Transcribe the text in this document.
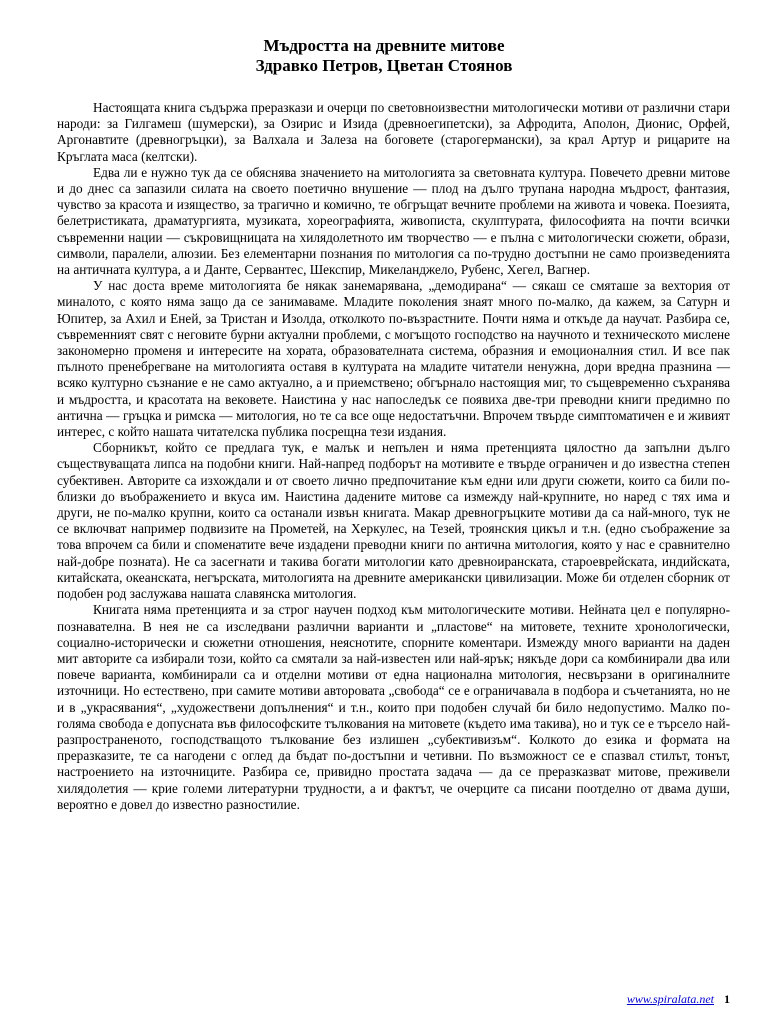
Мъдростта на древните митове
Здравко Петров, Цветан Стоянов

Настоящата книга съдържа преразкази и очерци по световноизвестни митологически мотиви от различни стари народи: за Гилгамеш (шумерски), за Озирис и Изида (древноегипетски), за Афродита, Аполон, Дионис, Орфей, Аргонавтите (древногръцки), за Валхала и Залеза на боговете (старогермански), за крал Артур и рицарите на Кръглата маса (келтски).

Едва ли е нужно тук да се обяснява значението на митологията за световната култура. Повечето древни митове и до днес са запазили силата на своето поетично внушение — плод на дълго трупана народна мъдрост, фантазия, чувство за красота и изящество, за трагично и комично, те обгръщат вечните проблеми на живота и човека. Поезията, белетристиката, драматургията, музиката, хореографията, живописта, скулптурата, философията на почти всички съвременни нации — съкровищницата на хилядолетното им творчество — е пълна с митологически сюжети, образи, символи, паралели, алюзии. Без елементарни познания по митология са по-трудно достъпни не само произведенията на античната култура, а и Данте, Сервантес, Шекспир, Микеланджело, Рубенс, Хегел, Вагнер.

У нас доста време митологията бе някак занемарявана, „демодирана“ — сякаш се смяташе за вехтория от миналото, с която няма защо да се занимаваме. Младите поколения знаят много по-малко, да кажем, за Сатурн и Юпитер, за Ахил и Еней, за Тристан и Изолда, отколкото по-възрастните. Почти няма и откъде да научат. Разбира се, съвременният свят с неговите бурни актуални проблеми, с могъщото господство на научното и техническото мислене закономерно променя и интересите на хората, образователната система, образния и емоционалния стил. И все пак пълното пренебрегване на митологията оставя в културата на младите читатели ненужна, дори вредна празнина — всяко културно съзнание е не само актуално, а и приемствено; обгърнало настоящия миг, то същевременно съхранява и мъдростта, и красотата на вековете. Наистина у нас напоследък се появиха две-три преводни книги предимно по антична — гръцка и римска — митология, но те са все още недостатъчни. Впрочем твърде симптоматичен е и живият интерес, с който нашата читателска публика посрещна тези издания.

Сборникът, който се предлага тук, е малък и непълен и няма претенцията цялостно да запълни дълго съществуващата липса на подобни книги. Най-напред подборът на мотивите е твърде ограничен и до известна степен субективен. Авторите са изхождали и от своето лично предпочитание към едни или други сюжети, които са били по-близки до въображението и вкуса им. Наистина дадените митове са измежду най-крупните, но наред с тях има и други, не по-малко крупни, които са останали извън книгата. Макар древногръцките мотиви да са най-много, тук не се включват например подвизите на Прометей, на Херкулес, на Тезей, троянския цикъл и т.н. (едно съображение за това впрочем са били и споменатите вече издадени преводни книги по антична митология, която у нас е сравнително най-добре позната). Не са засегнати и такива богати митологии като древноиранската, староеврейската, индийската, китайската, океанската, негърската, митологията на древните американски цивилизации. Може би отделен сборник от подобен род заслужава нашата славянска митология.

Книгата няма претенцията и за строг научен подход към митологическите мотиви. Нейната цел е популярно-познавателна. В нея не са изследвани различни варианти и „пластове“ на митовете, техните хронологически, социално-исторически и сюжетни отношения, неяснотите, спорните коментари. Измежду много варианти на даден мит авторите са избирали този, който са смятали за най-известен или най-ярък; някъде дори са комбинирали два или повече варианта, комбинирали са и отделни мотиви от една национална митология, несвързани в оригиналните източници. Но естествено, при самите мотиви авторовата „свобода“ се е ограничавала в подбора и съчетанията, но не и в „украсявания“, „художествени допълнения“ и т.н., които при подобен случай би било недопустимо. Малко по-голяма свобода е допусната във философските тълкования на митовете (където има такива), но и тук се е търсело най-разпространеното, господстващото тълкование без излишен „субективизъм“. Колкото до езика и формата на преразказите, те са нагодени с оглед да бъдат по-достъпни и четивни. По възможност се е спазвал стилът, тонът, настроението на източниците. Разбира се, привидно простата задача — да се преразказват митове, преживели хилядолетия — крие големи литературни трудности, а и фактът, че очерците са писани поотделно от двама души, вероятно е довел до известно разностилие.

www.spiralata.net 1
